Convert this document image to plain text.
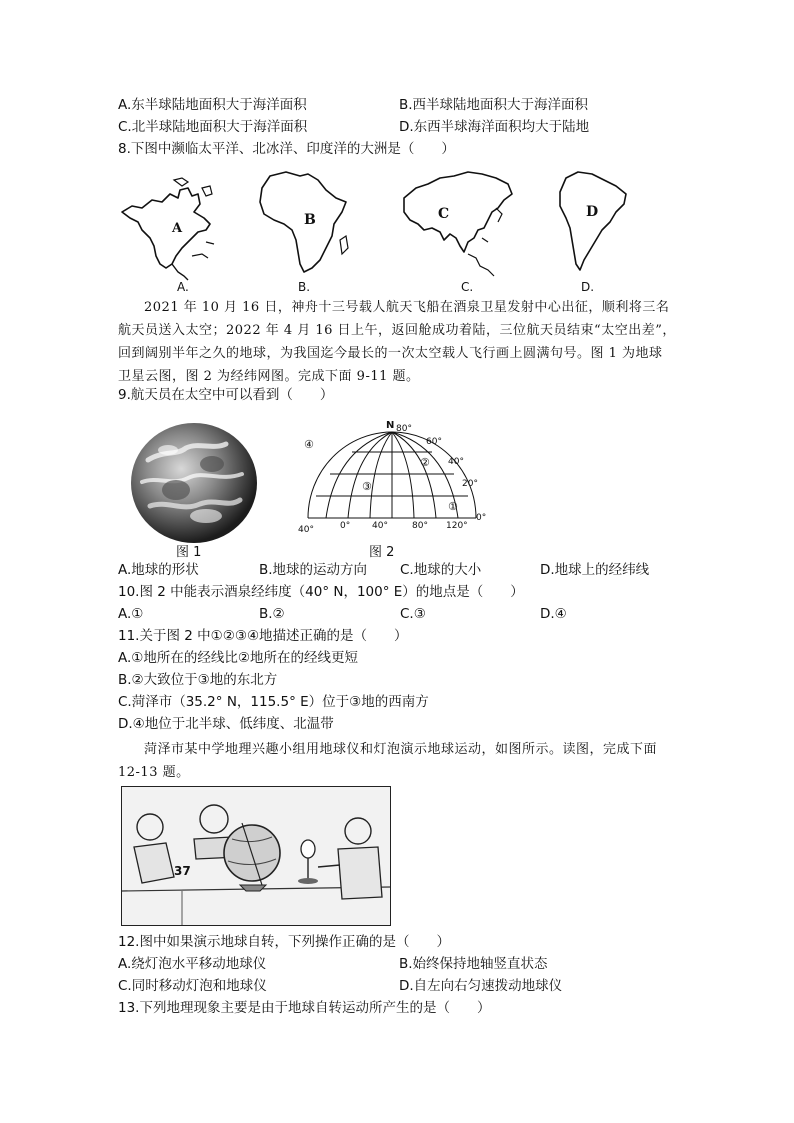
A.东半球陆地面积大于海洋面积	B.西半球陆地面积大于海洋面积
C.北半球陆地面积大于海洋面积	D.东西半球海洋面积均大于陆地
8.下图中濒临太平洋、北冰洋、印度洋的大洲是（　　）
A
B	C	D
A.	B.	C.	D.
2021 年 10 月 16 日，神舟十三号载人航天飞船在酒泉卫星发射中心出征，顺利将三名
航天员送入太空；2022 年 4 月 16 日上午，返回舱成功着陆，三位航天员结束“太空出差”，
回到阔别半年之久的地球，为我国迄今最长的一次太空载人飞行画上圆满句号。图 1 为地球
卫星云图，图 2 为经纬网图。完成下面 9-11 题。
9.航天员在太空中可以看到（　　）
图 1
80°
60°
40°
20°
0°
40°	0° 40°	80° 120°
N
①
②
③
④
图 2
A.地球的形状	B.地球的运动方向 C.地球的大小	D.地球上的经纬线
10.图 2 中能表示酒泉经纬度（40° N，100° E）的地点是（　　）
A.①	B.②	C.③	D.④
11.关于图 2 中①②③④地描述正确的是（　　）
A.①地所在的经线比②地所在的经线更短
B.②大致位于③地的东北方
C.菏泽市（35.2° N，115.5° E）位于③地的西南方
D.④地位于北半球、低纬度、北温带
菏泽市某中学地理兴趣小组用地球仪和灯泡演示地球运动，如图所示。读图，完成下面
12-13 题。
37
12.图中如果演示地球自转，下列操作正确的是（　　）
A.绕灯泡水平移动地球仪	B.始终保持地轴竖直状态
C.同时移动灯泡和地球仪	D.自左向右匀速拨动地球仪
13.下列地理现象主要是由于地球自转运动所产生的是（　　）
